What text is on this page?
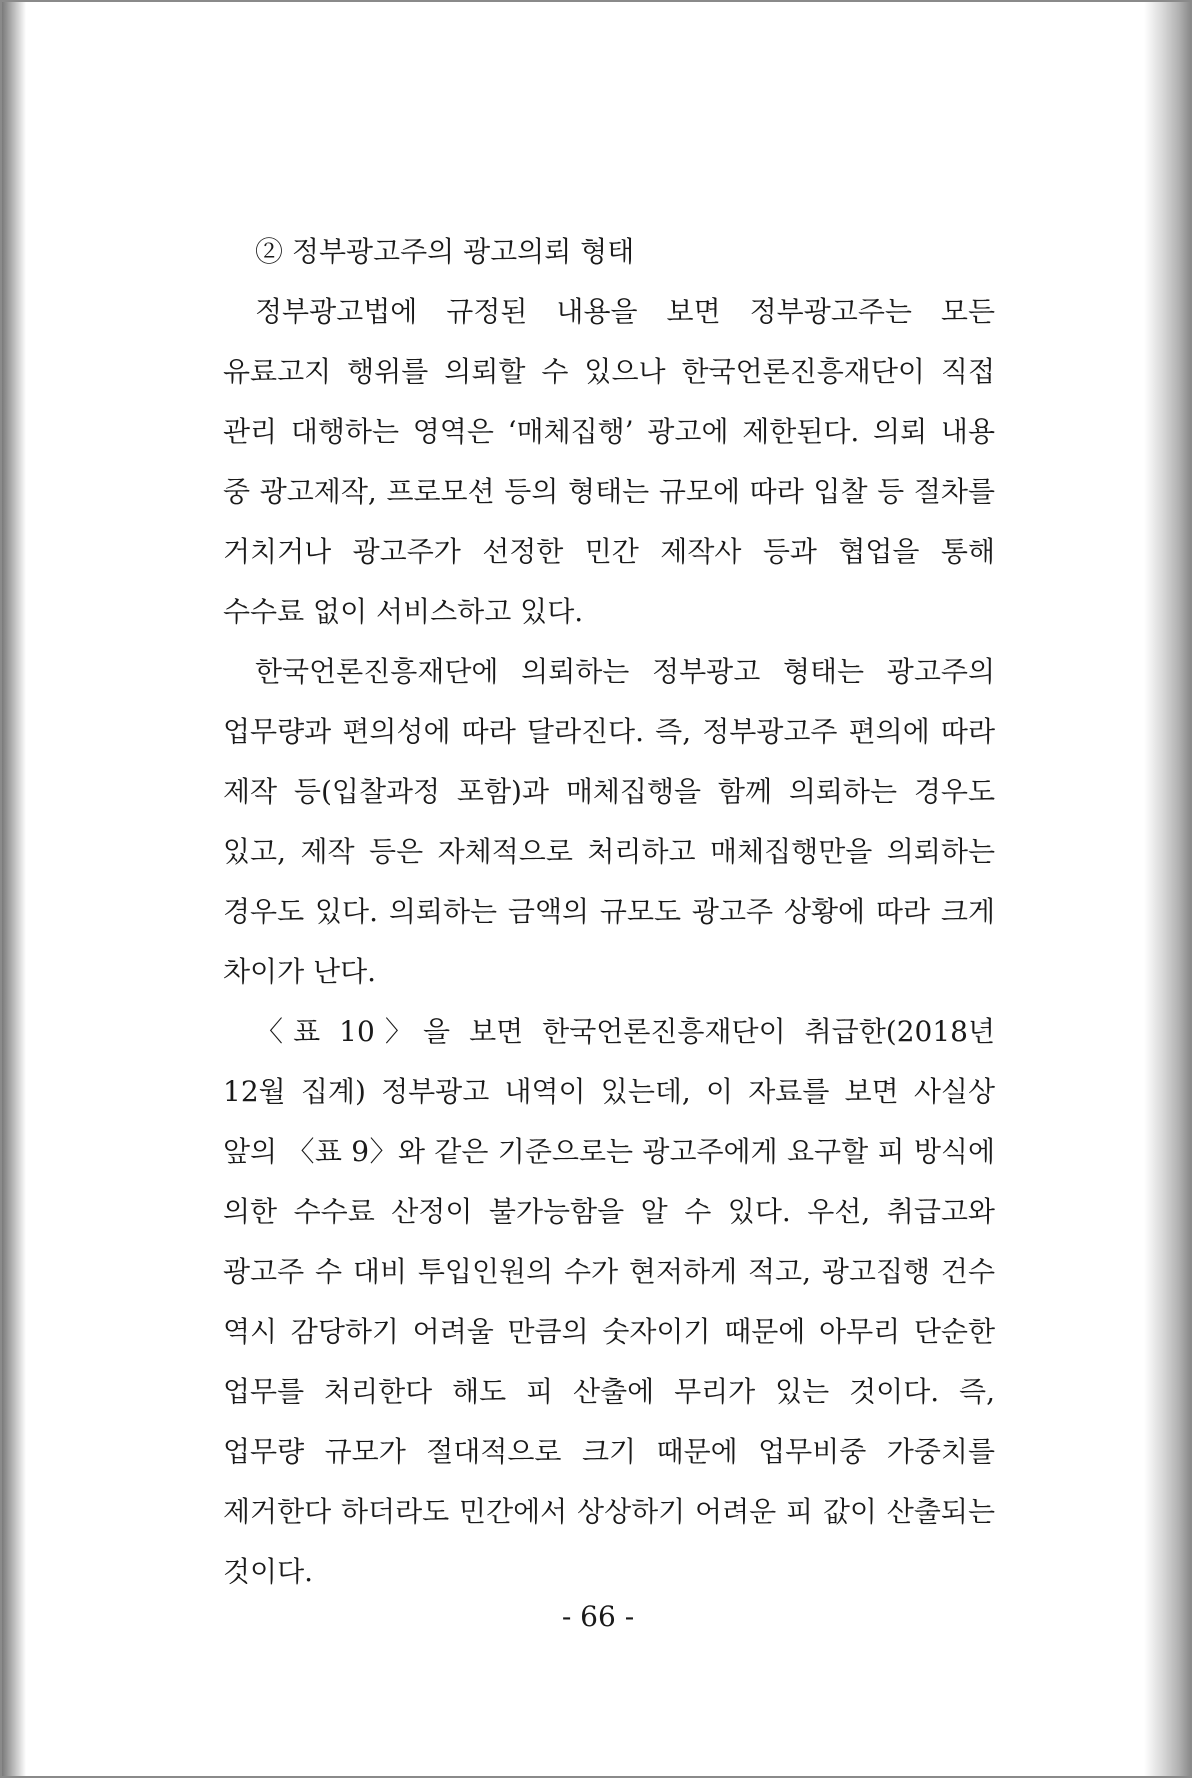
② 정부광고주의 광고의뢰 형태

정부광고법에 규정된 내용을 보면 정부광고주는 모든 유료고지 행위를 의뢰할 수 있으나 한국언론진흥재단이 직접 관리 대행하는 영역은 ‘매체집행’ 광고에 제한된다. 의뢰 내용 중 광고제작, 프로모션 등의 형태는 규모에 따라 입찰 등 절차를 거치거나 광고주가 선정한 민간 제작사 등과 협업을 통해 수수료 없이 서비스하고 있다.

한국언론진흥재단에 의뢰하는 정부광고 형태는 광고주의 업무량과 편의성에 따라 달라진다. 즉, 정부광고주 편의에 따라 제작 등(입찰과정 포함)과 매체집행을 함께 의뢰하는 경우도 있고, 제작 등은 자체적으로 처리하고 매체집행만을 의뢰하는 경우도 있다. 의뢰하는 금액의 규모도 광고주 상황에 따라 크게 차이가 난다.

〈표 10〉을 보면 한국언론진흥재단이 취급한(2018년 12월 집계) 정부광고 내역이 있는데, 이 자료를 보면 사실상 앞의 〈표 9〉와 같은 기준으로는 광고주에게 요구할 피 방식에 의한 수수료 산정이 불가능함을 알 수 있다. 우선, 취급고와 광고주 수 대비 투입인원의 수가 현저하게 적고, 광고집행 건수 역시 감당하기 어려울 만큼의 숫자이기 때문에 아무리 단순한 업무를 처리한다 해도 피 산출에 무리가 있는 것이다. 즉, 업무량 규모가 절대적으로 크기 때문에 업무비중 가중치를 제거한다 하더라도 민간에서 상상하기 어려운 피 값이 산출되는 것이다.

- 66 -
